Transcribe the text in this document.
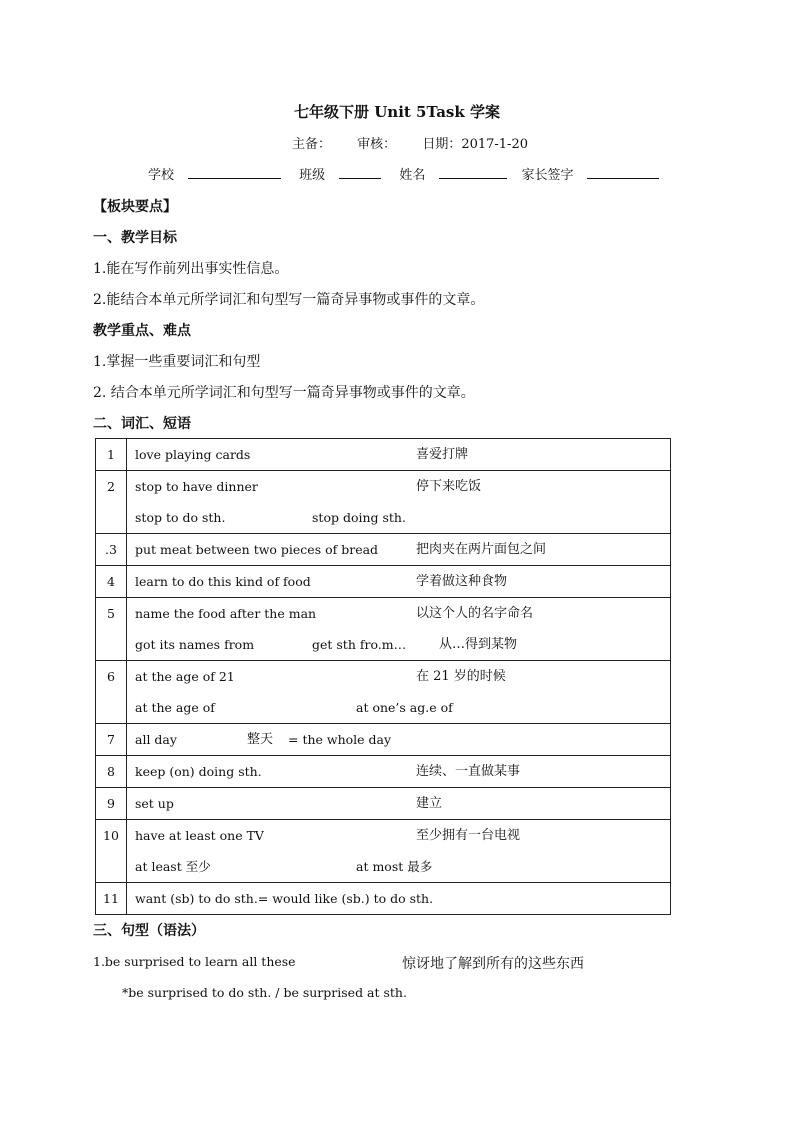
七年级下册 Unit 5Task 学案
主备： 审核： 日期：2017-1-20
学校	班级	姓名	家长签字
【板块要点】
一、教学目标
1.能在写作前列出事实性信息。
2.能结合本单元所学词汇和句型写一篇奇异事物或事件的文章。
教学重点、难点
1.掌握一些重要词汇和句型
2. 结合本单元所学词汇和句型写一篇奇异事物或事件的文章。
二、词汇、短语
1	love playing cards 喜爱打牌

2	stop to have dinner 停下来吃饭
stop to do sth. stop doing sth.

.3	put meat between two pieces of bread 把肉夹在两片面包之间

4	learn to do this kind of food 学着做这种食物

5	name the food after the man 以这个人的名字命名
got its names from get sth fro.m… 从…得到某物

6	at the age of 21 在 21 岁的时候
at the age of at one’s ag.e of

7	all day 整天 = the whole day

8	keep (on) doing sth. 连续、一直做某事

9	set up 建立

10	have at least one TV 至少拥有一台电视
at least 至少 at most 最多

11	want (sb) to do sth.= would like (sb.) to do sth.
三、句型（语法）
1.be surprised to learn all these	惊讶地了解到所有的这些东西
*be surprised to do sth. / be surprised at sth.
